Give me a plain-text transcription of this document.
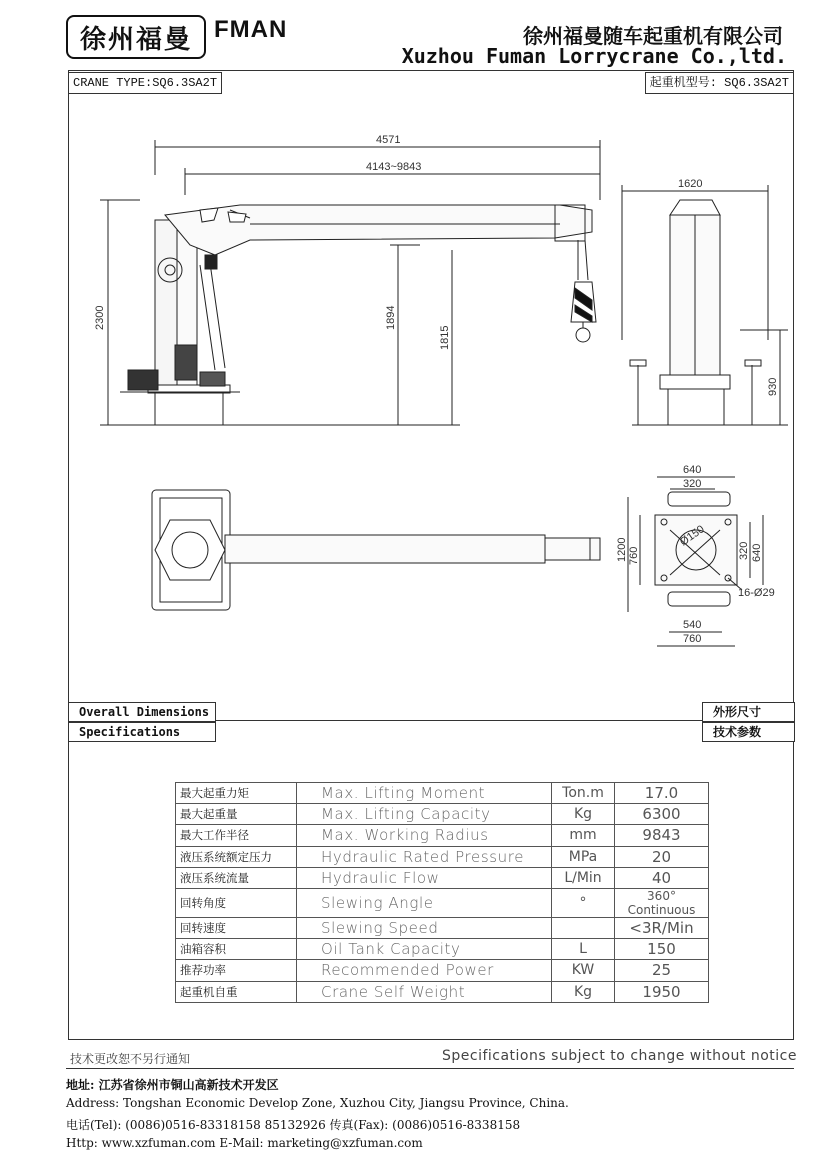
徐州福曼 FMAN	徐州福曼随车起重机有限公司
Xuzhou Fuman Lorrycrane Co.,ltd.
CRANE TYPE:SQ6.3SA2T	起重机型号: SQ6.3SA2T
4571
4143~9843
2300	1894
1815
1620
930
640
320
1200 760	320 640
Ø150
16-Ø29
540
760
Overall Dimensions
Specifications
外形尺寸
技术参数
最大起重力矩	Max. Lifting Moment	Ton.m	17.0
最大起重量	Max. Lifting Capacity	Kg	6300
最大工作半径	Max. Working Radius	mm	9843
液压系统额定压力	Hydraulic Rated Pressure	MPa	20
液压系统流量	Hydraulic Flow	L/Min	40
回转角度	Slewing Angle	°	360° Continuous
回转速度	Slewing Speed		<3R/Min
油箱容积	Oil Tank Capacity	L	150
推荐功率	Recommended Power	KW	25
起重机自重	Crane Self Weight	Kg	1950
技术更改恕不另行通知	Specifications subject to change without notice
地址: 江苏省徐州市铜山高新技术开发区
Address: Tongshan Economic Develop Zone, Xuzhou City, Jiangsu Province, China.
电话(Tel): (0086)0516-83318158 85132926 传真(Fax): (0086)0516-8338158
Http: www.xzfuman.com E-Mail: marketing@xzfuman.com
